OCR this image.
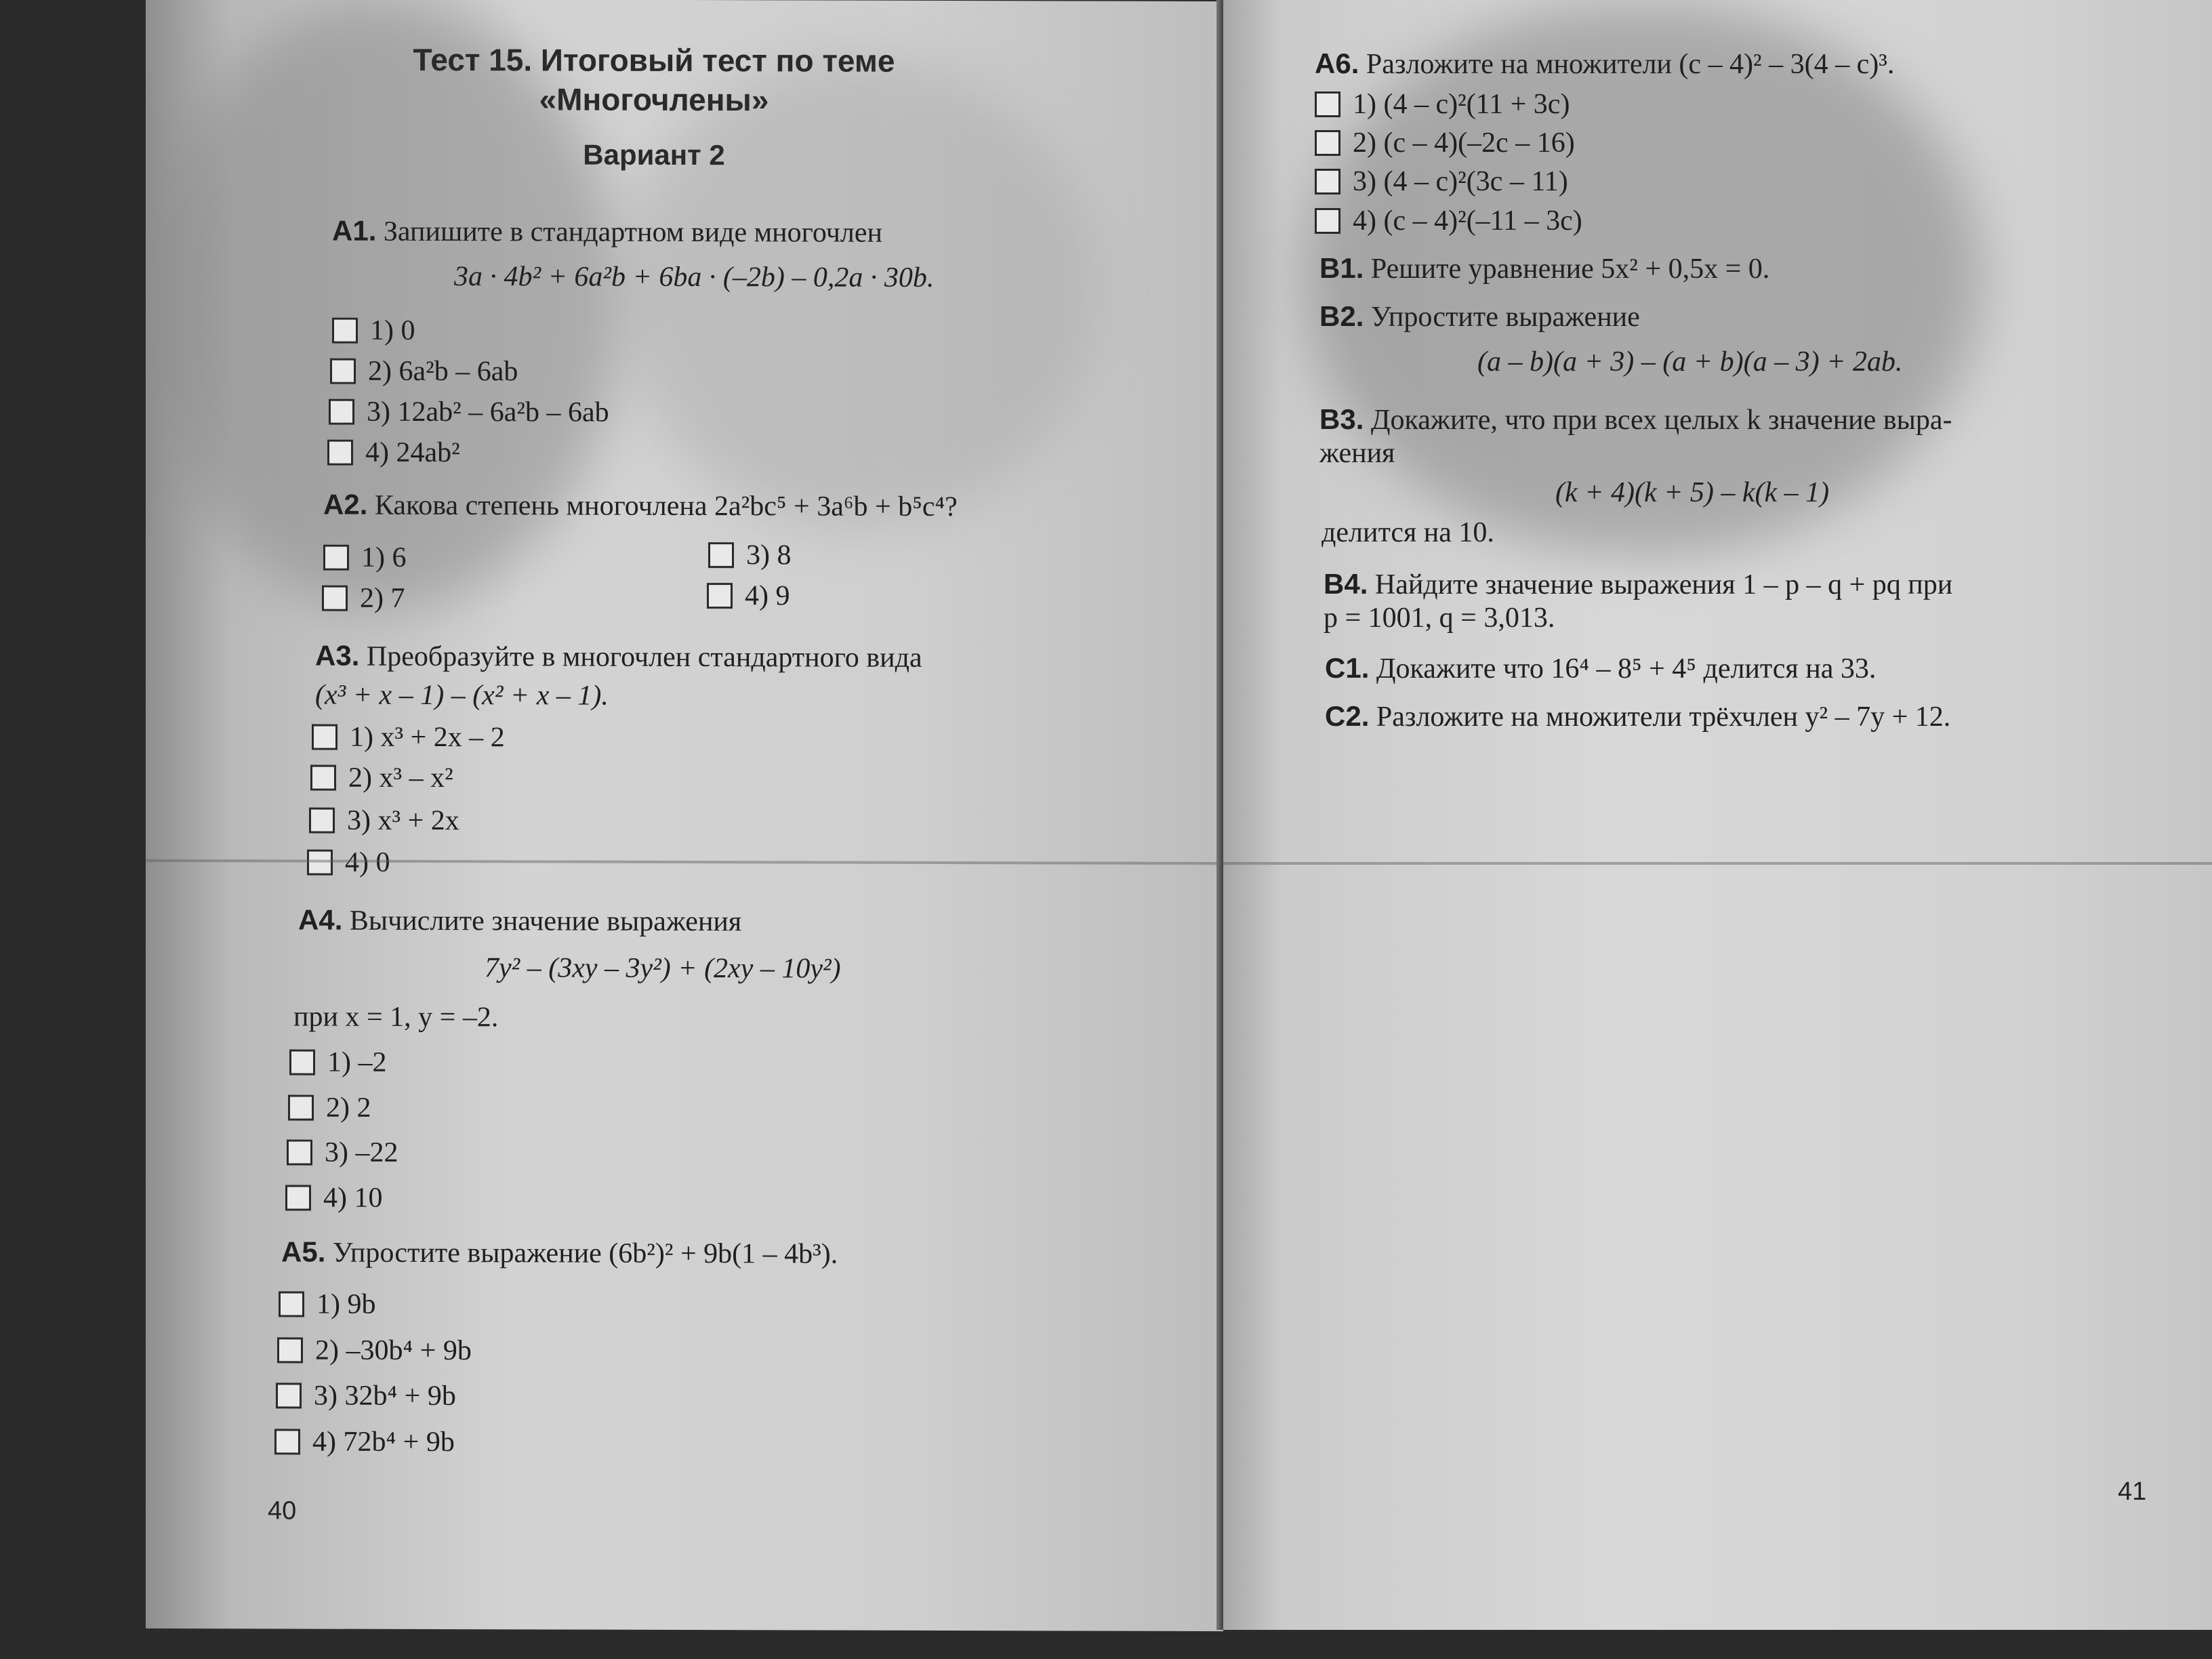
Тест 15. Итоговый тест по теме
«Многочлены»
Вариант 2
А1. Запишите в стандартном виде многочлен
3a · 4b² + 6a²b + 6ba · (–2b) – 0,2a · 30b.
1) 0
2) 6a²b – 6ab
3) 12ab² – 6a²b – 6ab
4) 24ab²
А2. Какова степень многочлена 2a²bc⁵ + 3a⁶b + b⁵c⁴?
1) 6
2) 7
3) 8
4) 9
А3. Преобразуйте в многочлен стандартного вида
(x³ + x – 1) – (x² + x – 1).
1) x³ + 2x – 2
2) x³ – x²
3) x³ + 2x
4) 0
А4. Вычислите значение выражения
7y² – (3xy – 3y²) + (2xy – 10y²)
при x = 1, y = –2.
1) –2
2) 2
3) –22
4) 10
А5. Упростите выражение (6b²)² + 9b(1 – 4b³).
1) 9b
2) –30b⁴ + 9b
3) 32b⁴ + 9b
4) 72b⁴ + 9b
40
А6. Разложите на множители (c – 4)² – 3(4 – c)³.
1) (4 – c)²(11 + 3c)
2) (c – 4)(–2c – 16)
3) (4 – c)²(3c – 11)
4) (c – 4)²(–11 – 3c)
В1. Решите уравнение 5x² + 0,5x = 0.
В2. Упростите выражение
(a – b)(a + 3) – (a + b)(a – 3) + 2ab.
В3. Докажите, что при всех целых k значение выра-
жения
(k + 4)(k + 5) – k(k – 1)
делится на 10.
В4. Найдите значение выражения 1 – p – q + pq при
p = 1001, q = 3,013.
С1. Докажите что 16⁴ – 8⁵ + 4⁵ делится на 33.
С2. Разложите на множители трёхчлен y² – 7y + 12.
41
